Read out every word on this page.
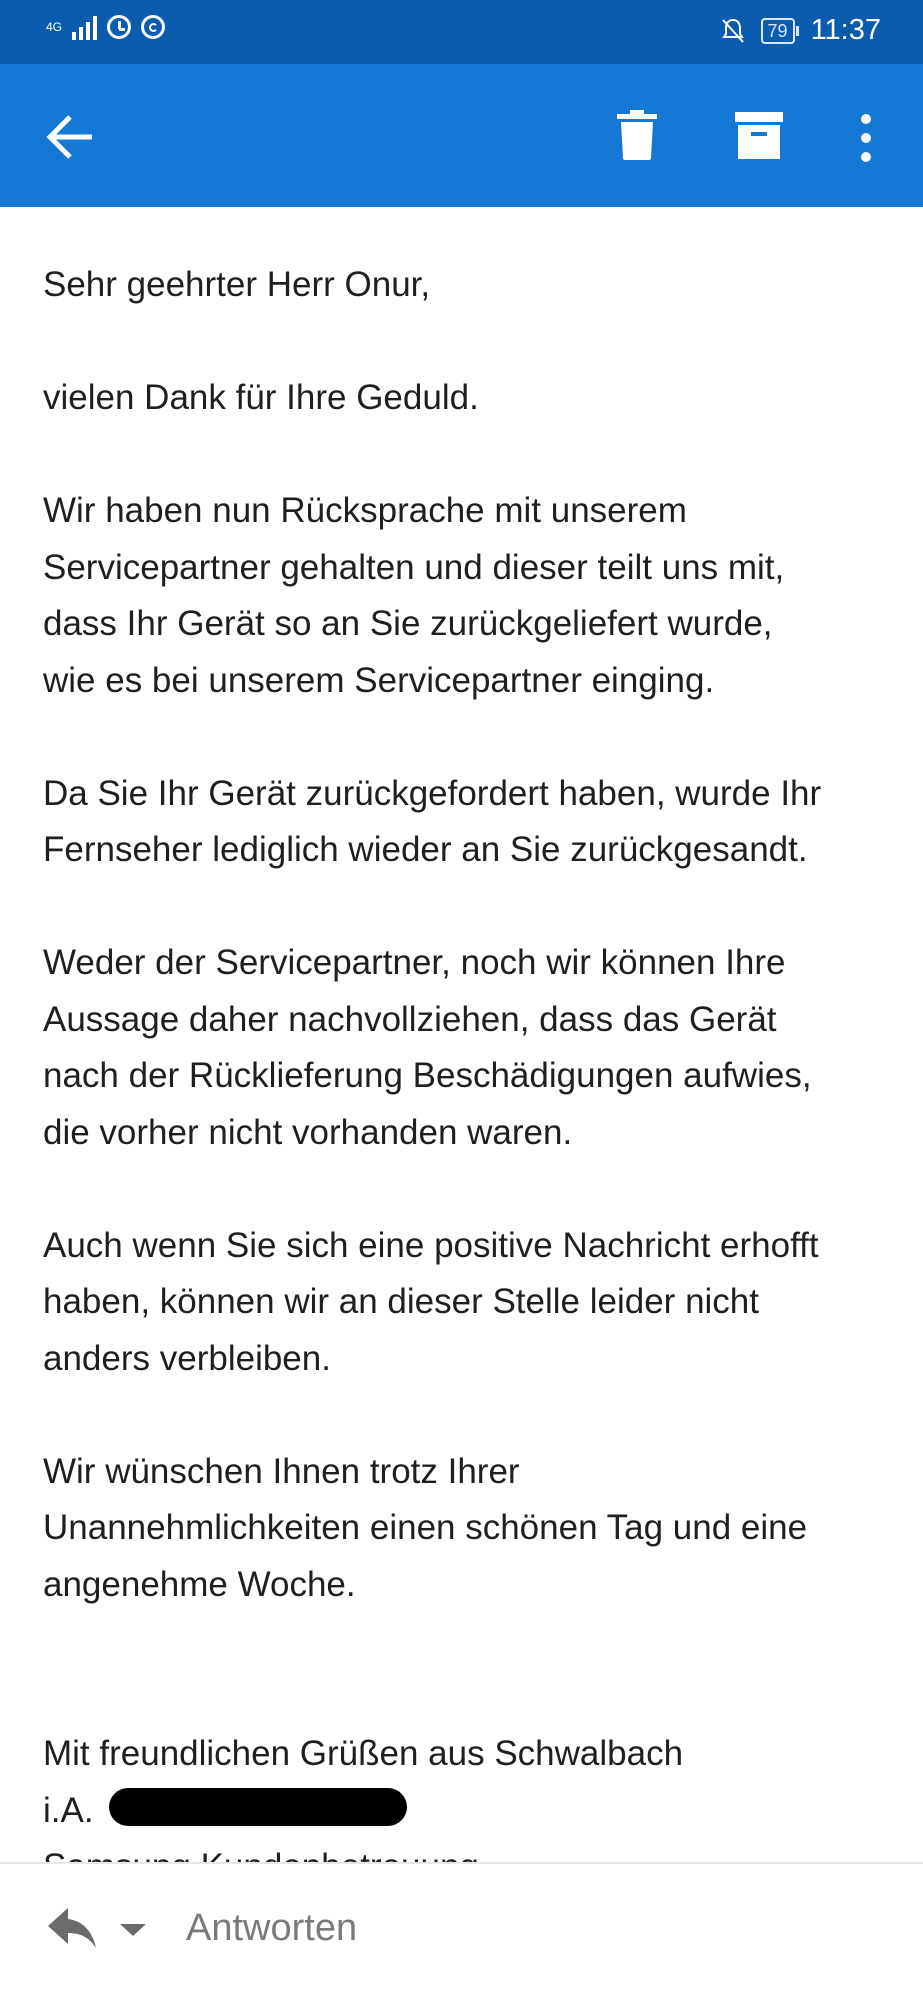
4G	79 11:37

Sehr geehrter Herr Onur,

vielen Dank für Ihre Geduld.

Wir haben nun Rücksprache mit unserem

Servicepartner gehalten und dieser teilt uns mit,

dass Ihr Gerät so an Sie zurückgeliefert wurde,

wie es bei unserem Servicepartner einging.

Da Sie Ihr Gerät zurückgefordert haben, wurde Ihr

Fernseher lediglich wieder an Sie zurückgesandt.

Weder der Servicepartner, noch wir können Ihre

Aussage daher nachvollziehen, dass das Gerät

nach der Rücklieferung Beschädigungen aufwies,

die vorher nicht vorhanden waren.

Auch wenn Sie sich eine positive Nachricht erhofft

haben, können wir an dieser Stelle leider nicht

anders verbleiben.

Wir wünschen Ihnen trotz Ihrer

Unannehmlichkeiten einen schönen Tag und eine

angenehme Woche.

Mit freundlichen Grüßen aus Schwalbach

i.A.

Antworten
